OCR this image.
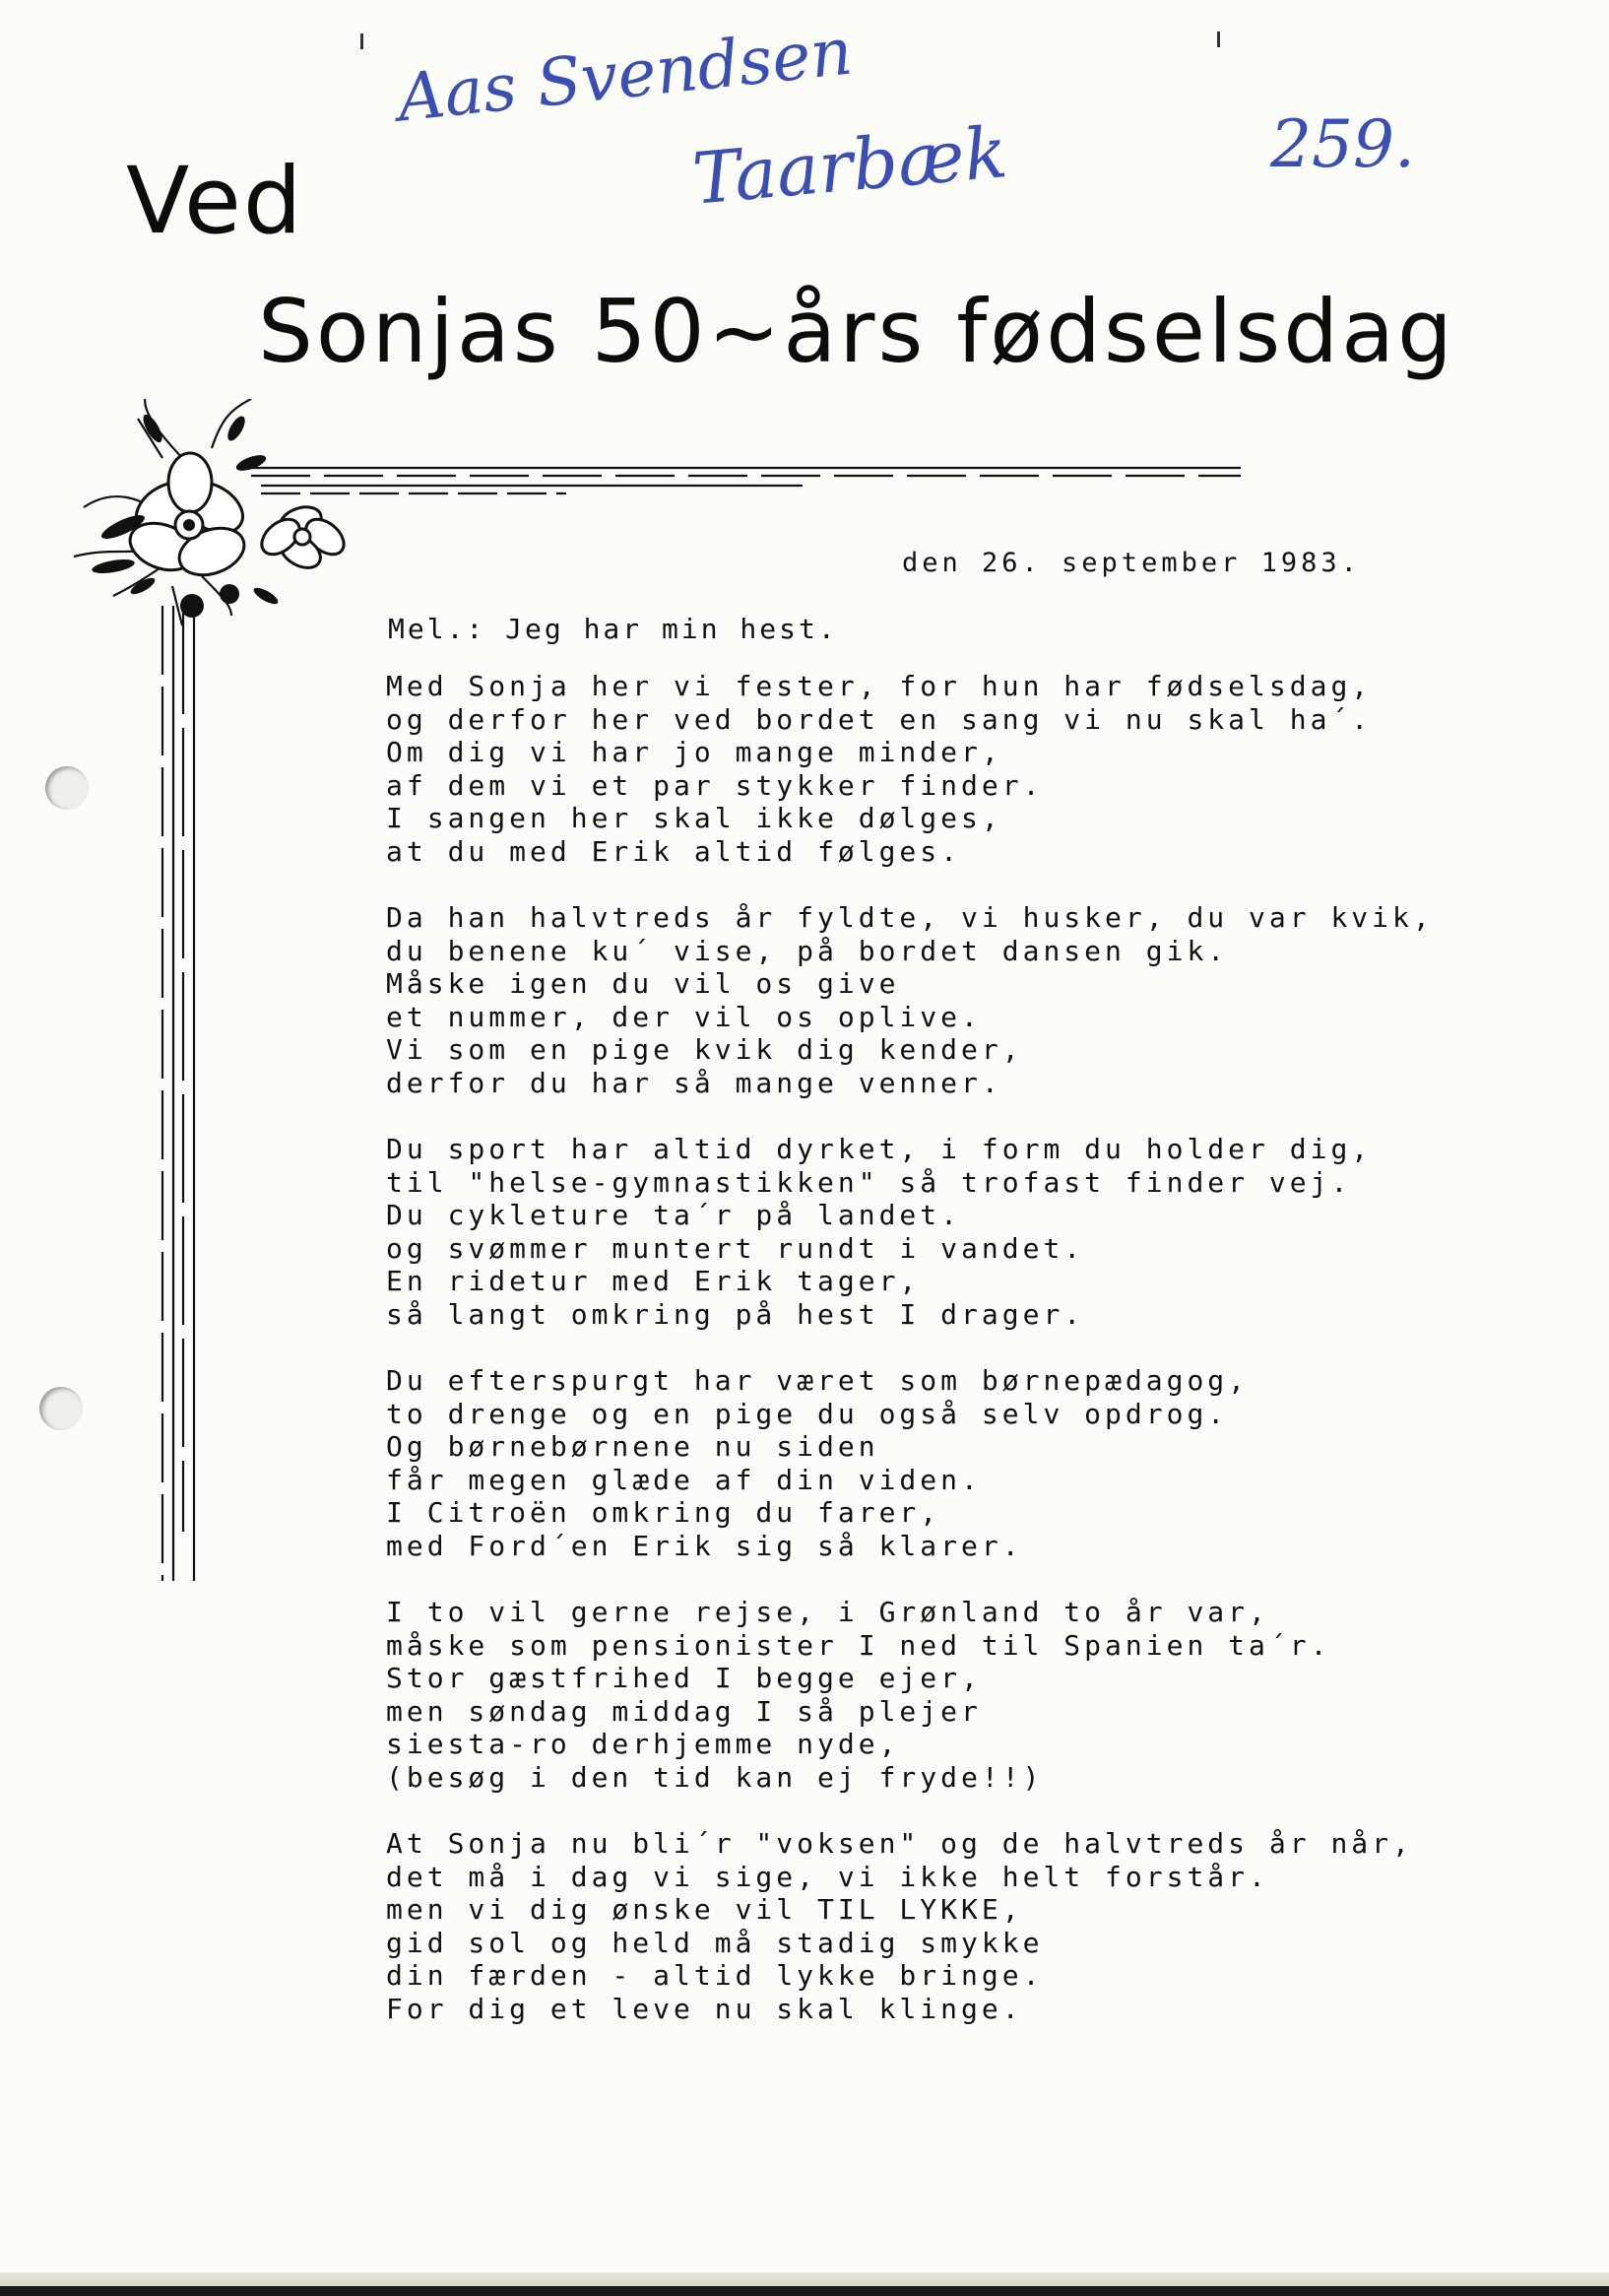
Aas Svendsen
Taarbæk	259.
Ved
Sonjas 50~års fødselsdag
den 26. september 1983.
Mel.: Jeg har min hest.
Med Sonja her vi fester, for hun har fødselsdag,
og derfor her ved bordet en sang vi nu skal ha´.
Om dig vi har jo mange minder,
af dem vi et par stykker finder.
I sangen her skal ikke dølges,
at du med Erik altid følges.
Da han halvtreds år fyldte, vi husker, du var kvik,
du benene ku´ vise, på bordet dansen gik.
Måske igen du vil os give
et nummer, der vil os oplive.
Vi som en pige kvik dig kender,
derfor du har så mange venner.
Du sport har altid dyrket, i form du holder dig,
til "helse-gymnastikken" så trofast finder vej.
Du cykleture ta´r på landet.
og svømmer muntert rundt i vandet.
En ridetur med Erik tager,
så langt omkring på hest I drager.
Du efterspurgt har været som børnepædagog,
to drenge og en pige du også selv opdrog.
Og børnebørnene nu siden
får megen glæde af din viden.
I Citroën omkring du farer,
med Ford´en Erik sig så klarer.
I to vil gerne rejse, i Grønland to år var,
måske som pensionister I ned til Spanien ta´r.
Stor gæstfrihed I begge ejer,
men søndag middag I så plejer
siesta-ro derhjemme nyde,
(besøg i den tid kan ej fryde!!)
At Sonja nu bli´r "voksen" og de halvtreds år når,
det må i dag vi sige, vi ikke helt forstår.
men vi dig ønske vil TIL LYKKE,
gid sol og held må stadig smykke
din færden - altid lykke bringe.
For dig et leve nu skal klinge.
